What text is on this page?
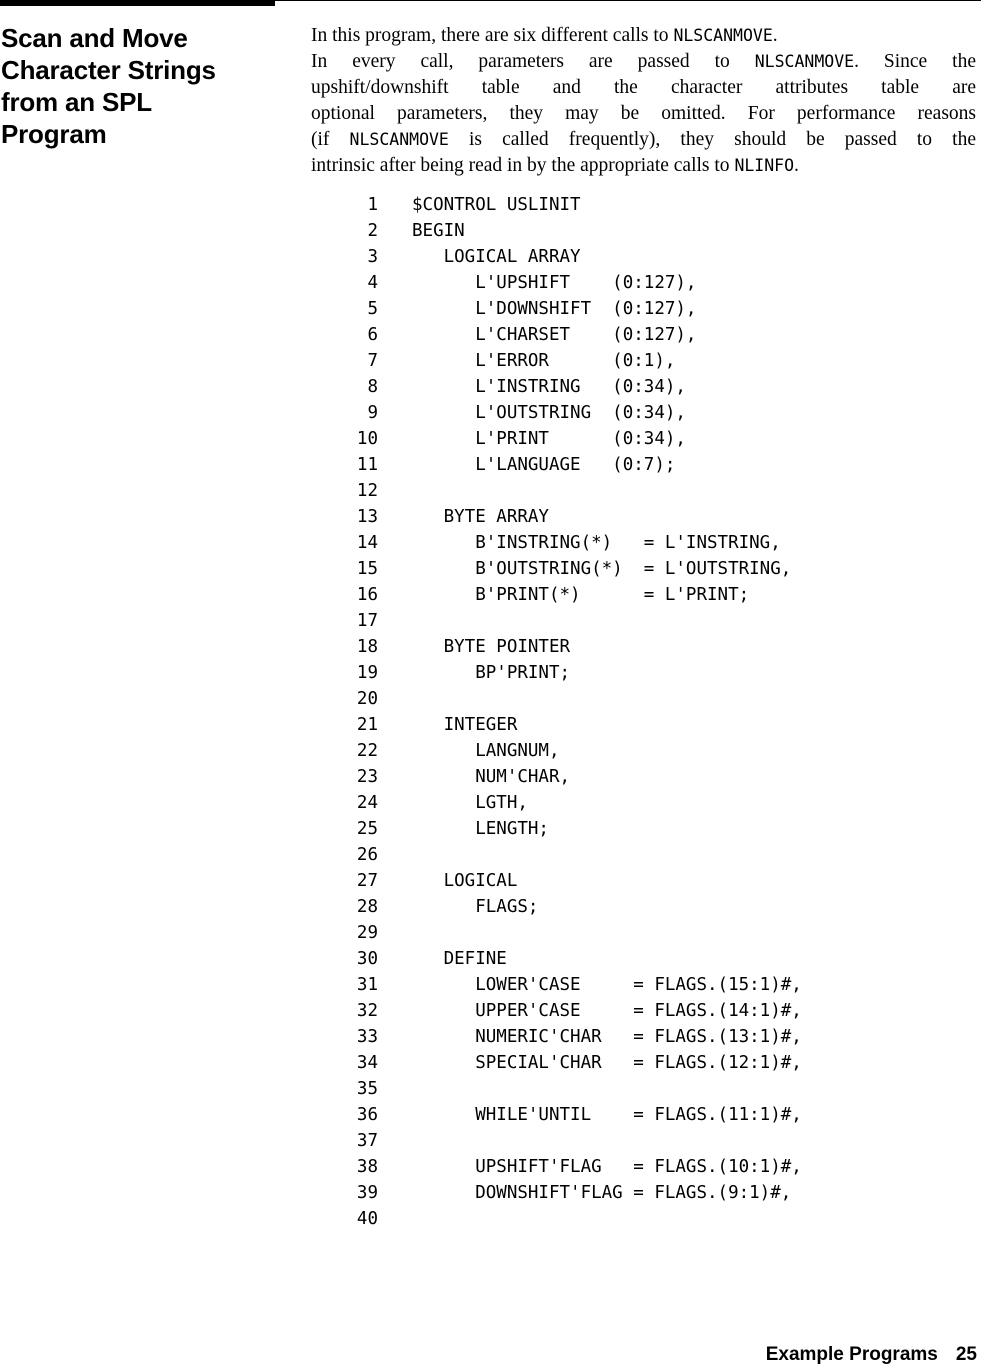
Scan and Move
Character Strings
from an SPL
Program
In this program, there are six different calls to NLSCANMOVE.
In every call, parameters are passed to NLSCANMOVE. Since the
upshift/downshift table and the character attributes table are
optional parameters, they may be omitted. For performance reasons
(if NLSCANMOVE is called frequently), they should be passed to the
intrinsic after being read in by the appropriate calls to NLINFO.
1 $CONTROL USLINIT
2 BEGIN
3 LOGICAL ARRAY
4 L'UPSHIFT    (0:127),
5 L'DOWNSHIFT  (0:127),
6 L'CHARSET    (0:127),
7 L'ERROR      (0:1),
8 L'INSTRING   (0:34),
9 L'OUTSTRING  (0:34),
10 L'PRINT      (0:34),
11 L'LANGUAGE   (0:7);
12
13 BYTE ARRAY
14 B'INSTRING(*)   = L'INSTRING,
15 B'OUTSTRING(*)  = L'OUTSTRING,
16 B'PRINT(*)      = L'PRINT;
17
18 BYTE POINTER
19 BP'PRINT;
20
21 INTEGER
22 LANGNUM,
23 NUM'CHAR,
24 LGTH,
25 LENGTH;
26
27 LOGICAL
28 FLAGS;
29
30 DEFINE
31 LOWER'CASE     = FLAGS.(15:1)#,
32 UPPER'CASE     = FLAGS.(14:1)#,
33 NUMERIC'CHAR   = FLAGS.(13:1)#,
34 SPECIAL'CHAR   = FLAGS.(12:1)#,
35
36 WHILE'UNTIL    = FLAGS.(11:1)#,
37
38 UPSHIFT'FLAG   = FLAGS.(10:1)#,
39 DOWNSHIFT'FLAG = FLAGS.(9:1)#,
40
Example Programs 25
